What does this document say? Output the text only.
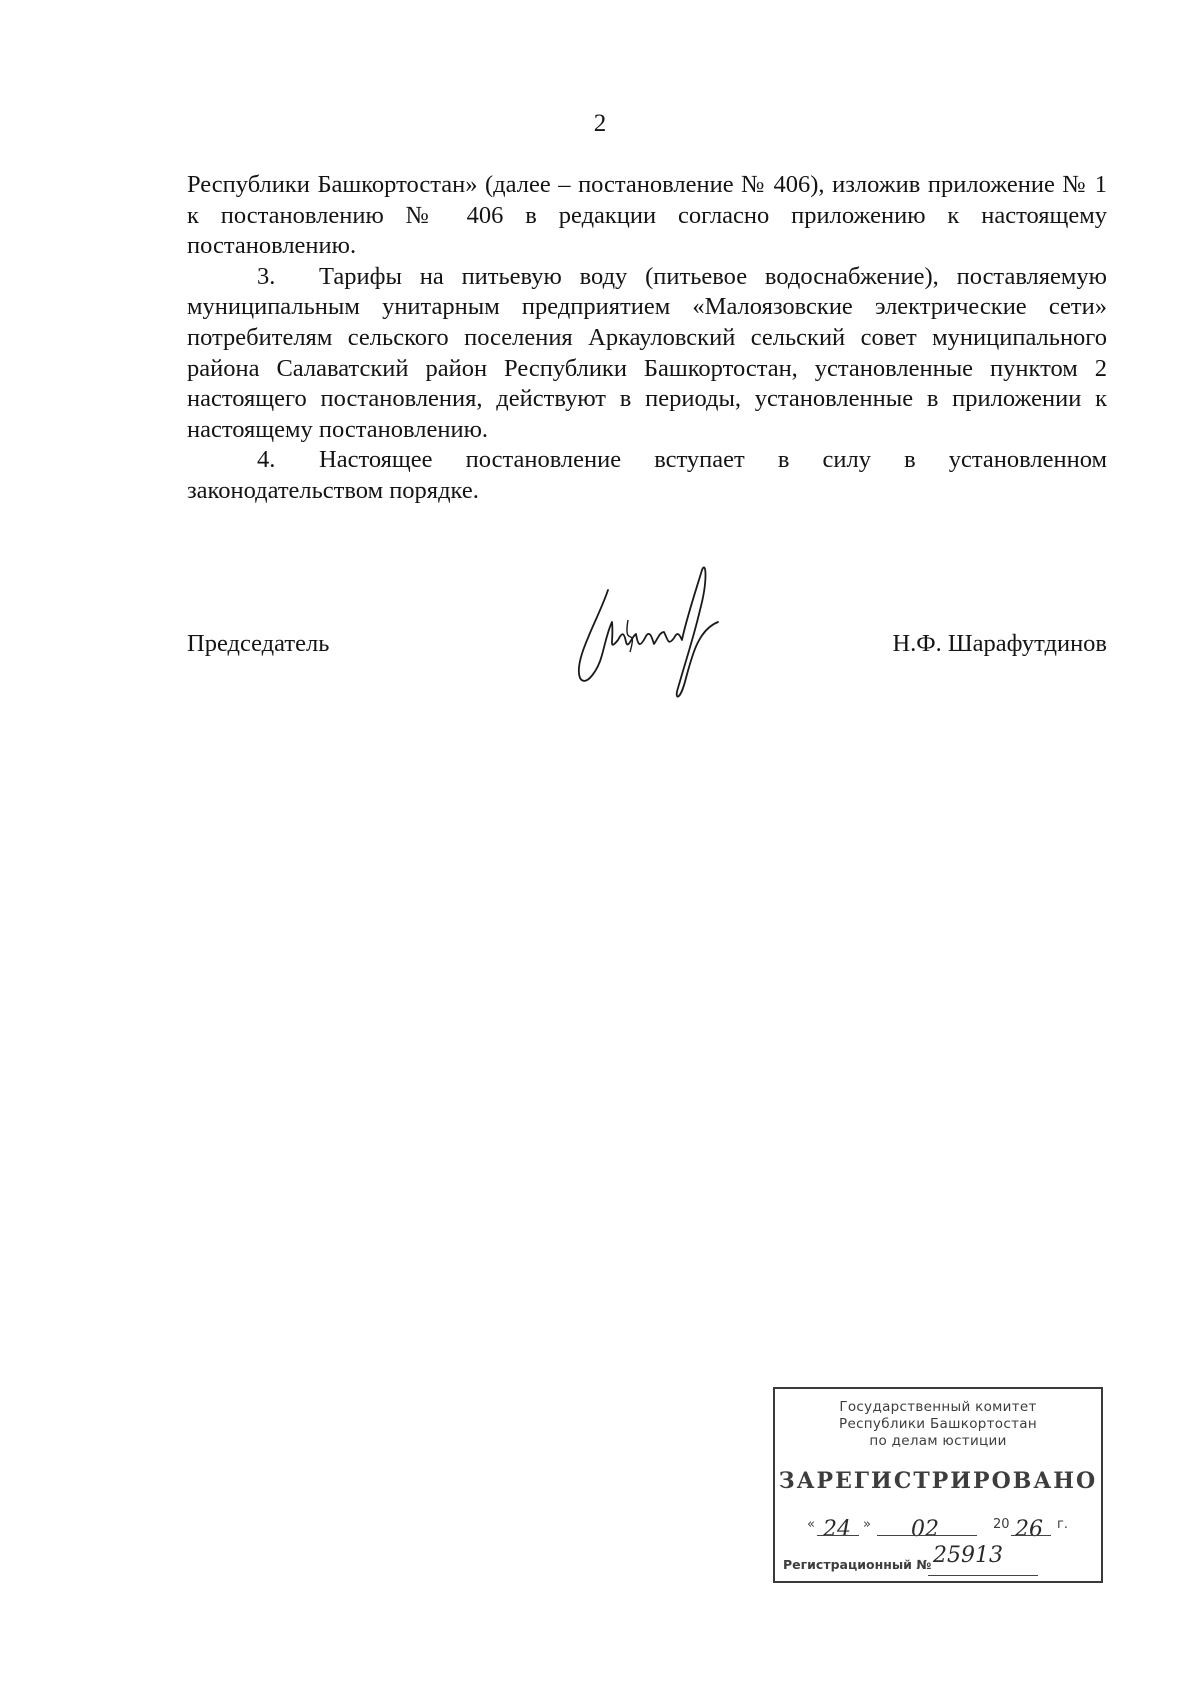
2

Республики Башкортостан» (далее – постановление № 406), изложив приложение № 1 к постановлению № 406 в редакции согласно приложению к настоящему постановлению.

3. Тарифы на питьевую воду (питьевое водоснабжение), поставляемую муниципальным унитарным предприятием «Малоязовские электрические сети» потребителям сельского поселения Аркауловский сельский совет муниципального района Салаватский район Республики Башкортостан, установленные пунктом 2 настоящего постановления, действуют в периоды, установленные в приложении к настоящему постановлению.

4. Настоящее постановление вступает в силу в установленном законодательством порядке.

Председатель	Н.Ф. Шарафутдинов
Государственный комитет
Республики Башкортостан
по делам юстиции
ЗАРЕГИСТРИРОВАНО
« 24 » 02	20 26 г.
Регистрационный № 25913
